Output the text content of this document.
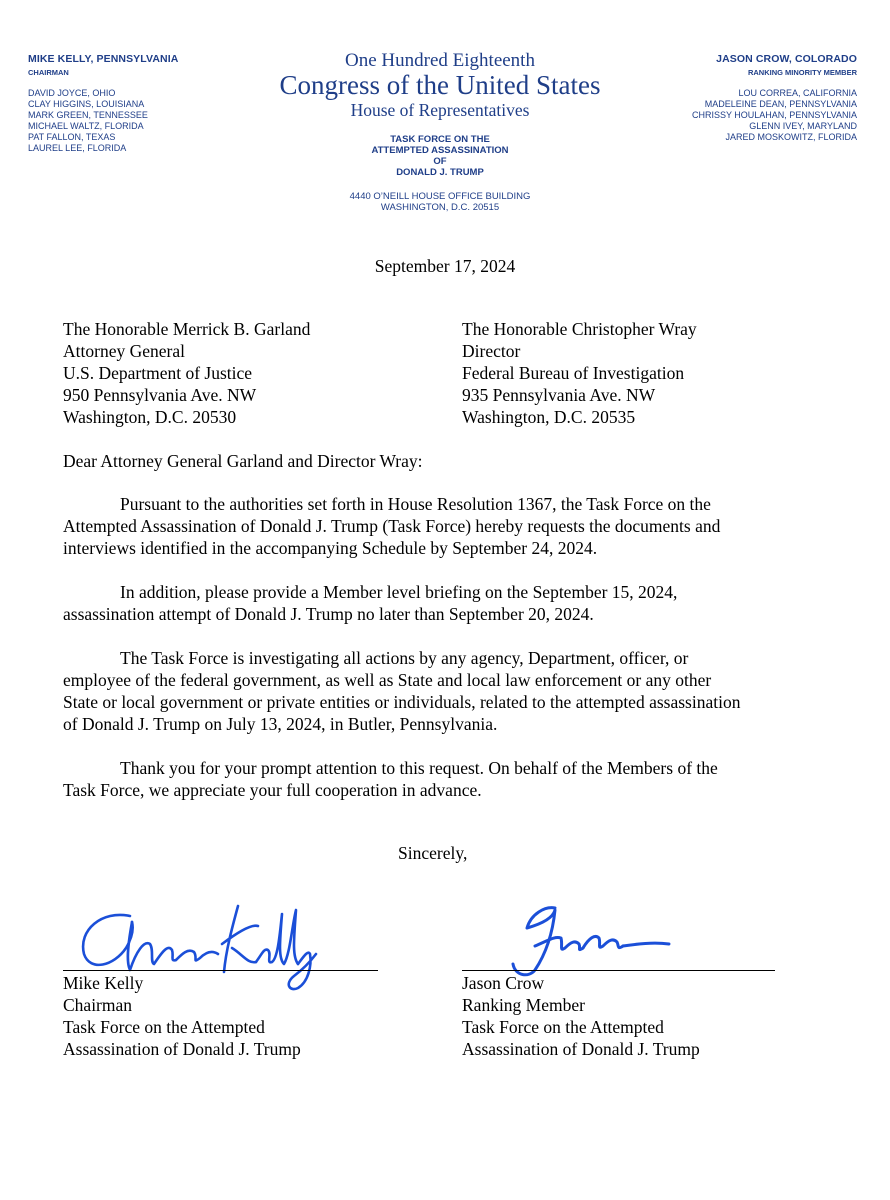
MIKE KELLY, PENNSYLVANIA
CHAIRMAN
DAVID JOYCE, OHIO
CLAY HIGGINS, LOUISIANA
MARK GREEN, TENNESSEE
MICHAEL WALTZ, FLORIDA
PAT FALLON, TEXAS
LAUREL LEE, FLORIDA
One Hundred Eighteenth
Congress of the United States
House of Representatives
TASK FORCE ON THE
ATTEMPTED ASSASSINATION
OF
DONALD J. TRUMP
4440 O’NEILL HOUSE OFFICE BUILDING
WASHINGTON, D.C. 20515
JASON CROW, COLORADO
RANKING MINORITY MEMBER
LOU CORREA, CALIFORNIA
MADELEINE DEAN, PENNSYLVANIA
CHRISSY HOULAHAN, PENNSYLVANIA
GLENN IVEY, MARYLAND
JARED MOSKOWITZ, FLORIDA
September 17, 2024
The Honorable Merrick B. Garland
Attorney General
U.S. Department of Justice
950 Pennsylvania Ave. NW
Washington, D.C. 20530
The Honorable Christopher Wray
Director
Federal Bureau of Investigation
935 Pennsylvania Ave. NW
Washington, D.C. 20535
Dear Attorney General Garland and Director Wray:
Pursuant to the authorities set forth in House Resolution 1367, the Task Force on the
Attempted Assassination of Donald J. Trump (Task Force) hereby requests the documents and
interviews identified in the accompanying Schedule by September 24, 2024.
In addition, please provide a Member level briefing on the September 15, 2024,
assassination attempt of Donald J. Trump no later than September 20, 2024.
The Task Force is investigating all actions by any agency, Department, officer, or
employee of the federal government, as well as State and local law enforcement or any other
State or local government or private entities or individuals, related to the attempted assassination
of Donald J. Trump on July 13, 2024, in Butler, Pennsylvania.
Thank you for your prompt attention to this request. On behalf of the Members of the
Task Force, we appreciate your full cooperation in advance.
Sincerely,
Mike Kelly
Chairman
Task Force on the Attempted
Assassination of Donald J. Trump
Jason Crow
Ranking Member
Task Force on the Attempted
Assassination of Donald J. Trump
